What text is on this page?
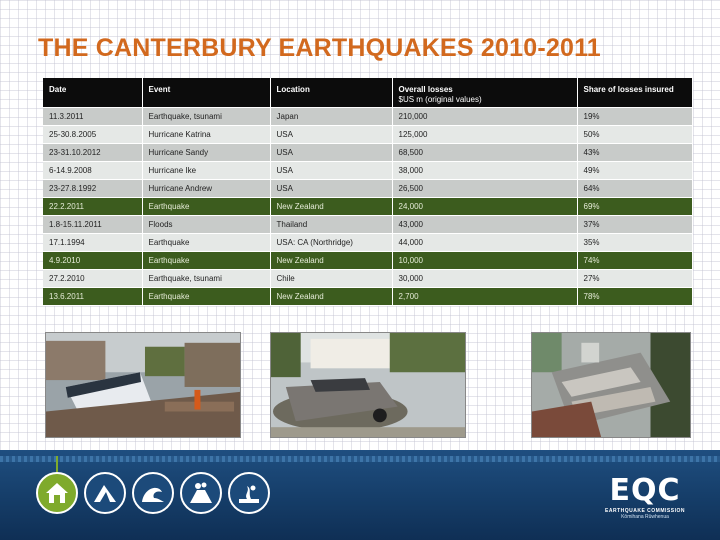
THE CANTERBURY EARTHQUAKES 2010-2011
Date	Event	Location	Overall losses
$US m (original values)	Share of losses insured
11.3.2011	Earthquake, tsunami	Japan	210,000	19%
25-30.8.2005	Hurricane Katrina	USA	125,000	50%
23-31.10.2012	Hurricane Sandy	USA	68,500	43%
6-14.9.2008	Hurricane Ike	USA	38,000	49%
23-27.8.1992	Hurricane Andrew	USA	26,500	64%
22.2.2011	Earthquake	New Zealand	24,000	69%
1.8-15.11.2011	Floods	Thailand	43,000	37%
17.1.1994	Earthquake	USA: CA (Northridge)	44,000	35%
4.9.2010	Earthquake	New Zealand	10,000	74%
27.2.2010	Earthquake, tsunami	Chile	30,000	27%
13.6.2011	Earthquake	New Zealand	2,700	78%
EQC
EARTHQUAKE COMMISSION
Kōmihana Rūwhenua
